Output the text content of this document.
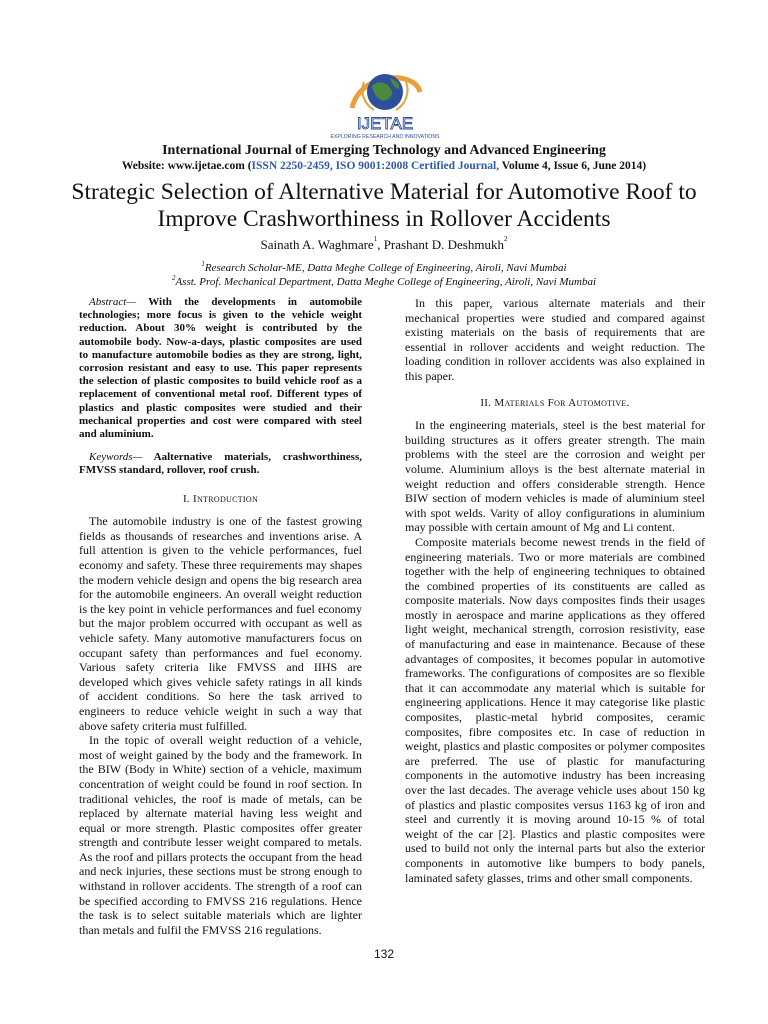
IJETAE
EXPLORING RESEARCH AND INNOVATIONS
International Journal of Emerging Technology and Advanced Engineering
Website: www.ijetae.com (ISSN 2250-2459, ISO 9001:2008 Certified Journal, Volume 4, Issue 6, June 2014)
Strategic Selection of Alternative Material for Automotive Roof to Improve Crashworthiness in Rollover Accidents
Sainath A. Waghmare$^1$, Prashant D. Deshmukh$^2$
$^1$Research Scholar-ME, Datta Meghe College of Engineering, Airoli, Navi Mumbai
$^2$Asst. Prof. Mechanical Department, Datta Meghe College of Engineering, Airoli, Navi Mumbai

Abstract— With the developments in automobile technologies; more focus is given to the vehicle weight reduction. About 30% weight is contributed by the automobile body. Now-a-days, plastic composites are used to manufacture automobile bodies as they are strong, light, corrosion resistant and easy to use. This paper represents the selection of plastic composites to build vehicle roof as a replacement of conventional metal roof. Different types of plastics and plastic composites were studied and their mechanical properties and cost were compared with steel and aluminium.

Keywords— Aalternative materials, crashworthiness, FMVSS standard, rollover, roof crush.

I. Introduction

The automobile industry is one of the fastest growing fields as thousands of researches and inventions arise. A full attention is given to the vehicle performances, fuel economy and safety. These three requirements may shapes the modern vehicle design and opens the big research area for the automobile engineers. An overall weight reduction is the key point in vehicle performances and fuel economy but the major problem occurred with occupant as well as vehicle safety. Many automotive manufacturers focus on occupant safety than performances and fuel economy. Various safety criteria like FMVSS and IIHS are developed which gives vehicle safety ratings in all kinds of accident conditions. So here the task arrived to engineers to reduce vehicle weight in such a way that above safety criteria must fulfilled.

In the topic of overall weight reduction of a vehicle, most of weight gained by the body and the framework. In the BIW (Body in White) section of a vehicle, maximum concentration of weight could be found in roof section. In traditional vehicles, the roof is made of metals, can be replaced by alternate material having less weight and equal or more strength. Plastic composites offer greater strength and contribute lesser weight compared to metals. As the roof and pillars protects the occupant from the head and neck injuries, these sections must be strong enough to withstand in rollover accidents. The strength of a roof can be specified according to FMVSS 216 regulations. Hence the task is to select suitable materials which are lighter than metals and fulfil the FMVSS 216 regulations.

In this paper, various alternate materials and their mechanical properties were studied and compared against existing materials on the basis of requirements that are essential in rollover accidents and weight reduction. The loading condition in rollover accidents was also explained in this paper.

II. Materials For Automotive.

In the engineering materials, steel is the best material for building structures as it offers greater strength. The main problems with the steel are the corrosion and weight per volume. Aluminium alloys is the best alternate material in weight reduction and offers considerable strength. Hence BIW section of modern vehicles is made of aluminium steel with spot welds. Varity of alloy configurations in aluminium may possible with certain amount of Mg and Li content.

Composite materials become newest trends in the field of engineering materials. Two or more materials are combined together with the help of engineering techniques to obtained the combined properties of its constituents are called as composite materials. Now days composites finds their usages mostly in aerospace and marine applications as they offered light weight, mechanical strength, corrosion resistivity, ease of manufacturing and ease in maintenance. Because of these advantages of composites, it becomes popular in automotive frameworks. The configurations of composites are so flexible that it can accommodate any material which is suitable for engineering applications. Hence it may categorise like plastic composites, plastic-metal hybrid composites, ceramic composites, fibre composites etc. In case of reduction in weight, plastics and plastic composites or polymer composites are preferred. The use of plastic for manufacturing components in the automotive industry has been increasing over the last decades. The average vehicle uses about 150 kg of plastics and plastic composites versus 1163 kg of iron and steel and currently it is moving around 10-15 % of total weight of the car [2]. Plastics and plastic composites were used to build not only the internal parts but also the exterior components in automotive like bumpers to body panels, laminated safety glasses, trims and other small components.

132
